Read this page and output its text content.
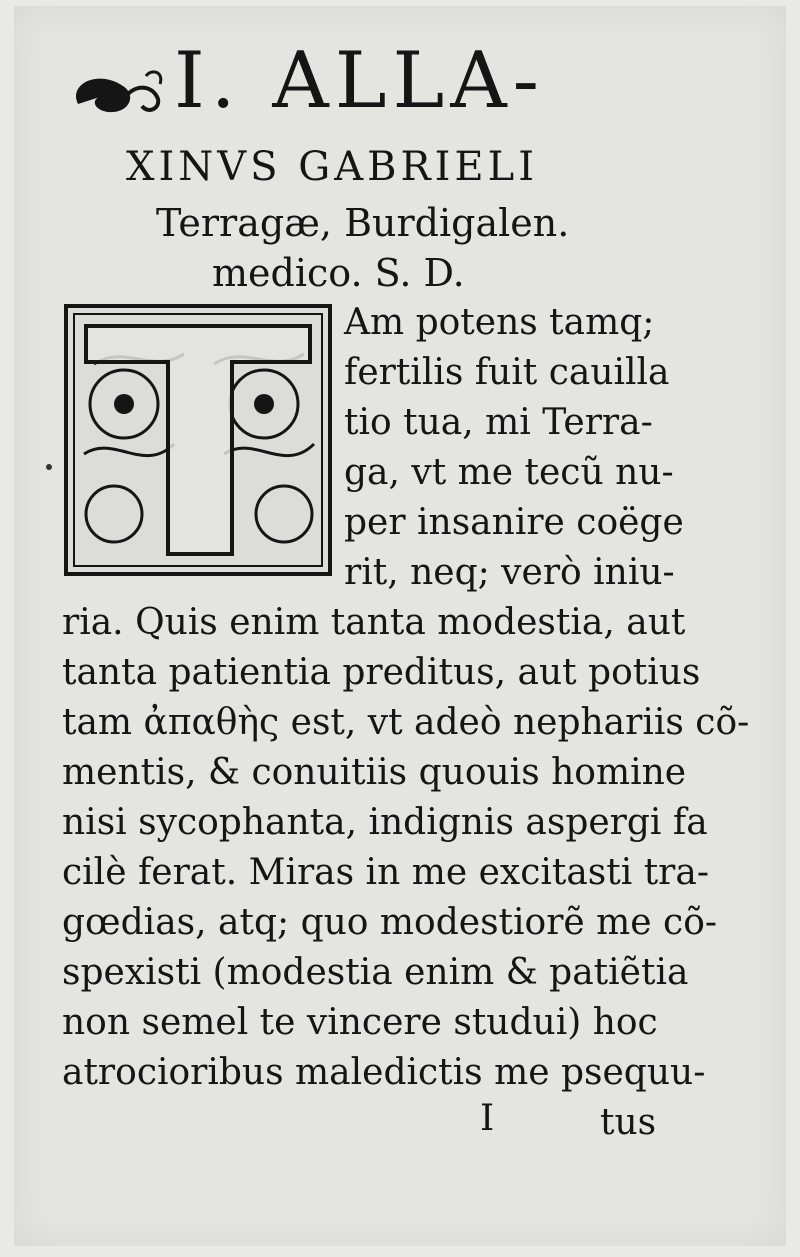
I. ALLA-
XINVS GABRIELI
Terragæ, Burdigalen.
medico. S. D.
Am potens tamq;
fertilis fuit cauilla
tio tua, mi Terra-
ga, vt me tecũ nu-
per insanire coëge
rit, neq; verò iniu-
ria. Quis enim tanta modestia, aut
tanta patientia preditus, aut potius
tam ἀπαθὴς est, vt adeò nephariis cõ-
mentis, & conuitiis quouis homine
nisi sycophanta, indignis aspergi fa
cilè ferat. Miras in me excitasti tra-
gœdias, atq; quo modestiorẽ me cõ-
spexisti (modestia enim & patiẽtia
non semel te vincere studui) hoc
atrocioribus maledictis me psequu-
I	tus
